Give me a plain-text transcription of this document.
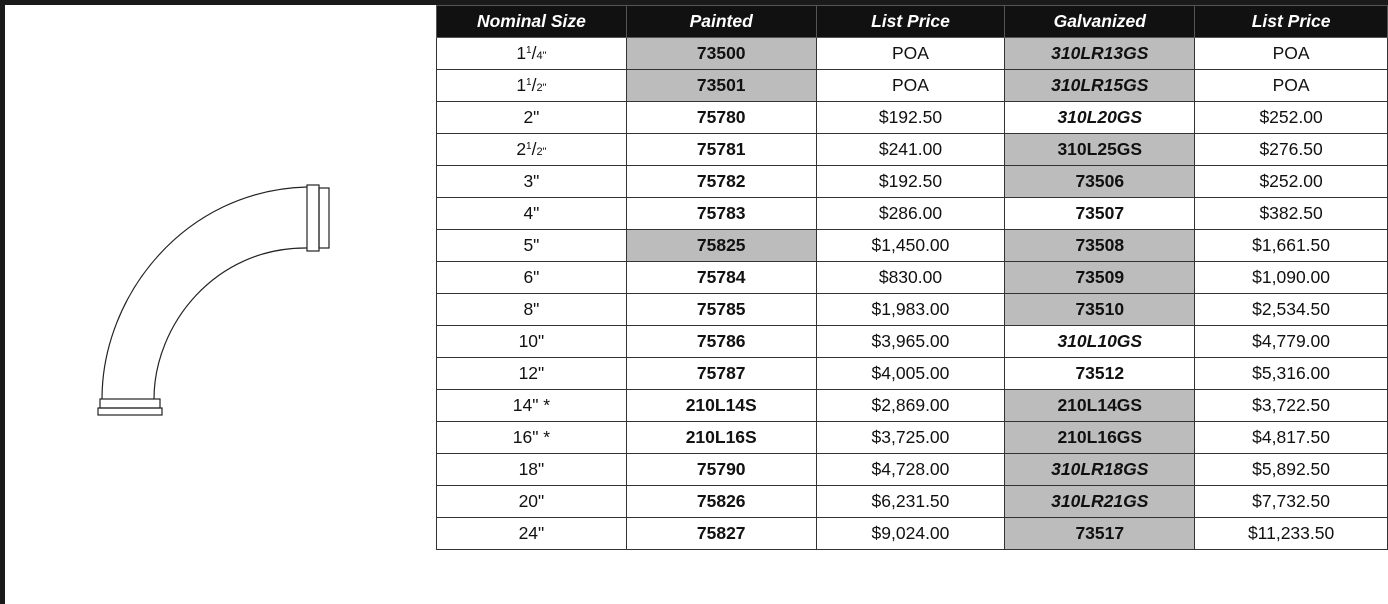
Nominal Size	Painted	List Price	Galvanized	List Price
$1^1/4$"	73500	POA	310LR13GS	POA
$1^1/2$"	73501	POA	310LR15GS	POA
2"	75780	$192.50	310L20GS	$252.00
$2^1/2$"	75781	$241.00	310L25GS	$276.50
3"	75782	$192.50	73506	$252.00
4"	75783	$286.00	73507	$382.50
5"	75825	$1,450.00	73508	$1,661.50
6"	75784	$830.00	73509	$1,090.00
8"	75785	$1,983.00	73510	$2,534.50
10"	75786	$3,965.00	310L10GS	$4,779.00
12"	75787	$4,005.00	73512	$5,316.00
14" *	210L14S	$2,869.00	210L14GS	$3,722.50
16" *	210L16S	$3,725.00	210L16GS	$4,817.50
18"	75790	$4,728.00	310LR18GS	$5,892.50
20"	75826	$6,231.50	310LR21GS	$7,732.50
24"	75827	$9,024.00	73517	$11,233.50
